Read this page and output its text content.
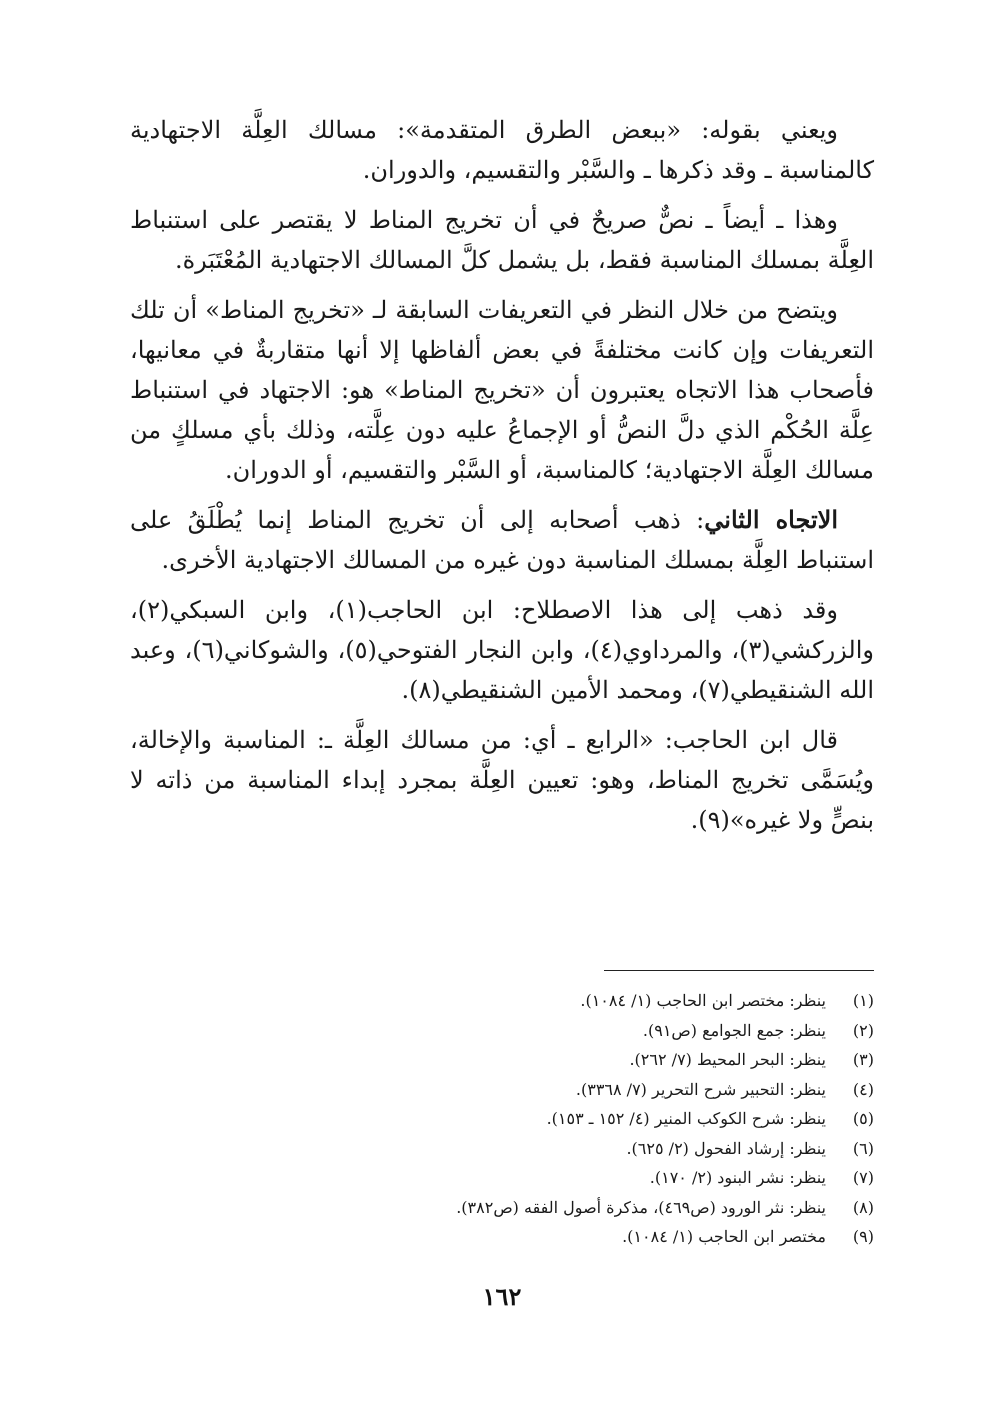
ويعني بقوله: «ببعض الطرق المتقدمة»: مسالك العِلَّة الاجتهادية كالمناسبة ـ وقد ذكرها ـ والسَّبْر والتقسيم، والدوران.

وهذا ـ أيضاً ـ نصٌّ صريحٌ في أن تخريج المناط لا يقتصر على استنباط العِلَّة بمسلك المناسبة فقط، بل يشمل كلَّ المسالك الاجتهادية المُعْتَبَرة.

ويتضح من خلال النظر في التعريفات السابقة لـ «تخريج المناط» أن تلك التعريفات وإن كانت مختلفةً في بعض ألفاظها إلا أنها متقاربةٌ في معانيها، فأصحاب هذا الاتجاه يعتبرون أن «تخريج المناط» هو: الاجتهاد في استنباط عِلَّة الحُكْم الذي دلَّ النصُّ أو الإجماعُ عليه دون عِلَّته، وذلك بأي مسلكٍ من مسالك العِلَّة الاجتهادية؛ كالمناسبة، أو السَّبْر والتقسيم، أو الدوران.

الاتجاه الثاني: ذهب أصحابه إلى أن تخريج المناط إنما يُطْلَقُ على استنباط العِلَّة بمسلك المناسبة دون غيره من المسالك الاجتهادية الأخرى.

وقد ذهب إلى هذا الاصطلاح: ابن الحاجب(١)، وابن السبكي(٢)، والزركشي(٣)، والمرداوي(٤)، وابن النجار الفتوحي(٥)، والشوكاني(٦)، وعبد الله الشنقيطي(٧)، ومحمد الأمين الشنقيطي(٨).

قال ابن الحاجب: «الرابع ـ أي: من مسالك العِلَّة ـ: المناسبة والإخالة، ويُسَمَّى تخريج المناط، وهو: تعيين العِلَّة بمجرد إبداء المناسبة من ذاته لا بنصٍّ ولا غيره»(٩).

(١)
ينظر: مختصر ابن الحاجب (١/ ١٠٨٤).
(٢)
ينظر: جمع الجوامع (ص٩١).
(٣)
ينظر: البحر المحيط (٧/ ٢٦٢).
(٤)
ينظر: التحبير شرح التحرير (٧/ ٣٣٦٨).
(٥)
ينظر: شرح الكوكب المنير (٤/ ١٥٢ ـ ١٥٣).
(٦)
ينظر: إرشاد الفحول (٢/ ٦٢٥).
(٧)
ينظر: نشر البنود (٢/ ١٧٠).
(٨)
ينظر: نثر الورود (ص٤٦٩)، مذكرة أصول الفقه (ص٣٨٢).
(٩)
مختصر ابن الحاجب (١/ ١٠٨٤).
١٦٢
